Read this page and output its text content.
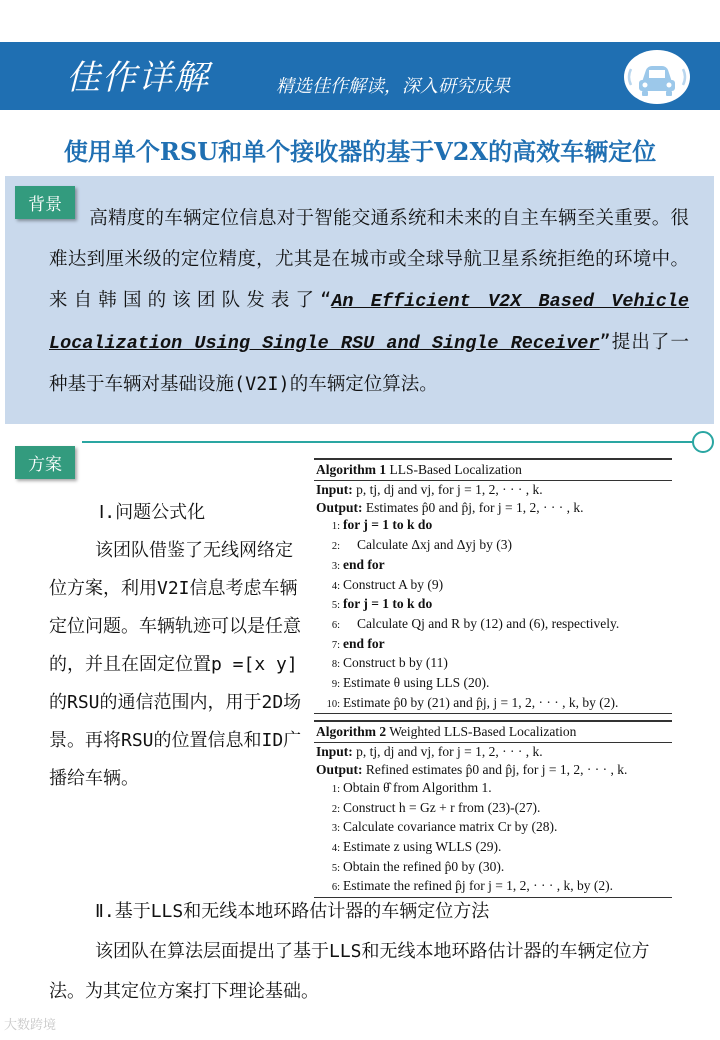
佳作详解	精选佳作解读，深入研究成果
使用单个RSU和单个接收器的基于V2X的高效车辆定位
背景
高精度的车辆定位信息对于智能交通系统和未来的自主车辆至关重要。很难达到厘米级的定位精度，尤其是在城市或全球导航卫星系统拒绝的环境中。来自韩国的该团队发表了“An Efficient V2X Based Vehicle Localization Using Single RSU and Single Receiver”提出了一种基于车辆对基础设施(V2I)的车辆定位算法。
方案
Ⅰ.问题公式化
该团队借鉴了无线网络定位方案，利用V2I信息考虑车辆定位问题。车辆轨迹可以是任意的，并且在固定位置p =[x y]的RSU的通信范围内，用于2D场景。再将RSU的位置信息和ID广播给车辆。
Algorithm 1 LLS-Based Localization
Input: p, tj, dj and vj, for j = 1, 2, · · · , k.
Output: Estimates p̂0 and p̂j, for j = 1, 2, · · · , k.
1: for j = 1 to k do
2: Calculate Δxj and Δyj by (3)
3: end for
4: Construct A by (9)
5: for j = 1 to k do
6: Calculate Qj and R by (12) and (6), respectively.
7: end for
8: Construct b by (11)
9: Estimate θ using LLS (20).
10: Estimate p̂0 by (21) and p̂j, j = 1, 2, · · · , k, by (2).
Algorithm 2 Weighted LLS-Based Localization
Input: p, tj, dj and vj, for j = 1, 2, · · · , k.
Output: Refined estimates p̂0 and p̂j, for j = 1, 2, · · · , k.
1: Obtain θ̂ from Algorithm 1.
2: Construct h = Gz + r from (23)-(27).
3: Calculate covariance matrix Cr by (28).
4: Estimate z using WLLS (29).
5: Obtain the refined p̂0 by (30).
6: Estimate the refined p̂j for j = 1, 2, · · · , k, by (2).
Ⅱ.基于LLS和无线本地环路估计器的车辆定位方法
该团队在算法层面提出了基于LLS和无线本地环路估计器的车辆定位方 法。为其定位方案打下理论基础。
大数跨境
